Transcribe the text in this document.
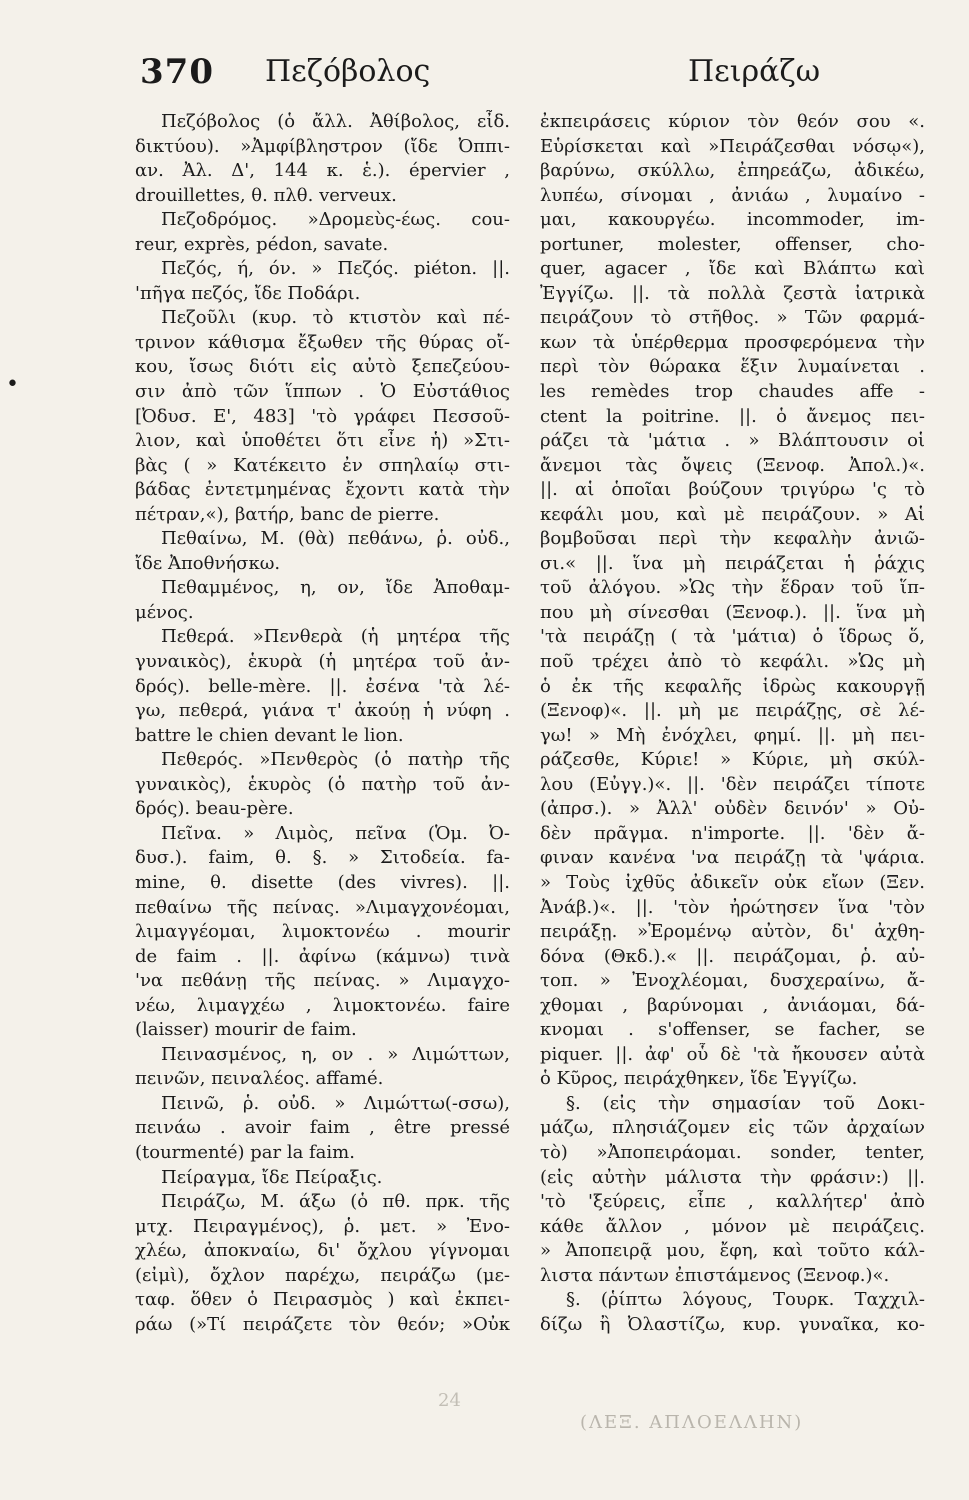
370 Πεζόβολος	Πειράζω
•
Πεζόβολος (ὁ ἄλλ. Ἀθίβολος, εἶδ.
δικτύου). »Ἀμφίβληστρον (ἴδε Ὀππι-
αν. Ἀλ. Δ', 144 κ. ἑ.). épervier ,
drouillettes, θ. πλθ. verveux.
Πεζοδρόμος. »Δρομεὺς-έως. cou-
reur, exprès, pédon, savate.
Πεζός, ή, όν. » Πεζός. piéton. ||.
'πῆγα πεζός, ἴδε Ποδάρι.
Πεζοῦλι (κυρ. τὸ κτιστὸν καὶ πέ-
τρινον κάθισμα ἔξωθεν τῆς θύρας οἴ-
κου, ἴσως διότι εἰς αὐτὸ ξεπεζεύου-
σιν ἀπὸ τῶν ἵππων . Ὁ Εὐστάθιος
[Ὀδυσ. Ε', 483] 'τὸ γράφει Πεσσοῦ-
λιον, καὶ ὑποθέτει ὅτι εἶνε ἡ) »Στι-
βὰς ( » Κατέκειτο ἐν σπηλαίῳ στι-
βάδας ἐντετμημένας ἔχοντι κατὰ τὴν
πέτραν,«), βατήρ, banc de pierre.
Πεθαίνω, Μ. (θὰ) πεθάνω, ῥ. οὐδ.,
ἴδε Ἀποθνήσκω.
Πεθαμμένος, η, ον, ἴδε Ἀποθαμ-
μένος.
Πεθερά. »Πενθερὰ (ἡ μητέρα τῆς
γυναικὸς), ἑκυρὰ (ἡ μητέρα τοῦ ἀν-
δρός). belle-mère. ||. ἐσένα 'τὰ λέ-
γω, πεθερά, γιάνα τ' ἀκούῃ ἡ νύφη .
battre le chien devant le lion.
Πεθερός. »Πενθερὸς (ὁ πατὴρ τῆς
γυναικὸς), ἑκυρὸς (ὁ πατὴρ τοῦ ἀν-
δρός). beau-père.
Πεῖνα. » Λιμὸς, πεῖνα (Ὁμ. Ὀ-
δυσ.). faim, θ. §. » Σιτοδεία. fa-
mine, θ. disette (des vivres). ||.
πεθαίνω τῆς πείνας. »Λιμαγχονέομαι,
λιμαγγέομαι, λιμοκτονέω . mourir
de faim . ||. ἀφίνω (κάμνω) τινὰ
'να πεθάνῃ τῆς πείνας. » Λιμαγχο-
νέω, λιμαγχέω , λιμοκτονέω. faire
(laisser) mourir de faim.
Πεινασμένος, η, ον . » Λιμώττων,
πεινῶν, πειναλέος. affamé.
Πεινῶ, ῥ. οὐδ. » Λιμώττω(-σσω),
πεινάω . avoir faim , être pressé
(tourmenté) par la faim.
Πείραγμα, ἴδε Πείραξις.
Πειράζω, Μ. άξω (ὁ πθ. πρκ. τῆς
μτχ. Πειραγμένος), ῥ. μετ. » Ἐνο-
χλέω, ἀποκναίω, δι' ὄχλου γίγνομαι
(εἰμὶ), ὄχλον παρέχω, πειράζω (με-
ταφ. ὅθεν ὁ Πειρασμὸς ) καὶ ἐκπει-
ράω (»Τί πειράζετε τὸν θεόν; »Οὐκ
ἐκπειράσεις κύριον τὸν θεόν σου «.
Εὑρίσκεται καὶ »Πειράζεσθαι νόσῳ«),
βαρύνω, σκύλλω, ἐπηρεάζω, ἀδικέω,
λυπέω, σίνομαι , ἀνιάω , λυμαίνο -
μαι, κακουργέω. incommoder, im-
portuner, molester, offenser, cho-
quer, agacer , ἴδε καὶ Βλάπτω καὶ
Ἐγγίζω. ||. τὰ πολλὰ ζεστὰ ἰατρικὰ
πειράζουν τὸ στῆθος. » Τῶν φαρμά-
κων τὰ ὑπέρθερμα προσφερόμενα τὴν
περὶ τὸν θώρακα ἕξιν λυμαίνεται .
les remèdes trop chaudes affe -
ctent la poitrine. ||. ὁ ἄνεμος πει-
ράζει τὰ 'μάτια . » Βλάπτουσιν οἱ
ἄνεμοι τὰς ὄψεις (Ξενοφ. Ἀπολ.)«.
||. αἱ ὁποῖαι βούζουν τριγύρω 'ς τὸ
κεφάλι μου, καὶ μὲ πειράζουν. » Αἱ
βομβοῦσαι περὶ τὴν κεφαλὴν ἀνιῶ-
σι.« ||. ἵνα μὴ πειράζεται ἡ ῥάχις
τοῦ ἀλόγου. »Ὡς τὴν ἕδραν τοῦ ἵπ-
που μὴ σίνεσθαι (Ξενοφ.). ||. ἵνα μὴ
'τὰ πειράζῃ ( τὰ 'μάτια) ὁ ἵδρως ὅ,
ποῦ τρέχει ἀπὸ τὸ κεφάλι. »Ὡς μὴ
ὁ ἐκ τῆς κεφαλῆς ἱδρὼς κακουργῇ
(Ξενοφ)«. ||. μὴ με πειράζῃς, σὲ λέ-
γω! » Μὴ ἐνόχλει, φημί. ||. μὴ πει-
ράζεσθε, Κύριε! » Κύριε, μὴ σκύλ-
λου (Εὐγγ.)«. ||. 'δὲν πειράζει τίποτε
(ἀπρσ.). » Ἀλλ' οὐδὲν δεινόν' » Οὐ-
δὲν πρᾶγμα. n'importe. ||. 'δὲν ἄ-
φιναν κανένα 'να πειράζῃ τὰ 'ψάρια.
» Τοὺς ἰχθῦς ἀδικεῖν οὐκ εἴων (Ξεν.
Ἀνάβ.)«. ||. 'τὸν ἠρώτησεν ἵνα 'τὸν
πειράξῃ. »Ἐρομένῳ αὐτὸν, δι' ἀχθη-
δόνα (Θκδ.).« ||. πειράζομαι, ῥ. αὐ-
τοπ. » Ἐνοχλέομαι, δυσχεραίνω, ἄ-
χθομαι , βαρύνομαι , ἀνιάομαι, δά-
κνομαι . s'offenser, se facher, se
piquer. ||. ἀφ' οὗ δὲ 'τὰ ἤκουσεν αὐτὰ
ὁ Κῦρος, πειράχθηκεν, ἴδε Ἐγγίζω.
§. (εἰς τὴν σημασίαν τοῦ Δοκι-
μάζω, πλησιάζομεν εἰς τῶν ἀρχαίων
τὸ) »Ἀποπειράομαι. sonder, tenter,
(εἰς αὐτὴν μάλιστα τὴν φράσιν:) ||.
'τὸ 'ξεύρεις, εἶπε , καλλήτερ' ἀπὸ
κάθε ἄλλον , μόνον μὲ πειράζεις.
» Ἀποπειρᾷ μου, ἔφη, καὶ τοῦτο κάλ-
λιστα πάντων ἐπιστάμενος (Ξενοφ.)«.
§. (ῥίπτω λόγους, Τουρκ. Ταχχιλ-
δίζω ἢ Ὀλαστίζω, κυρ. γυναῖκα, κο-
24
(ΛΕΞ. ΑΠΛΟΕΛΛΗΝ)
